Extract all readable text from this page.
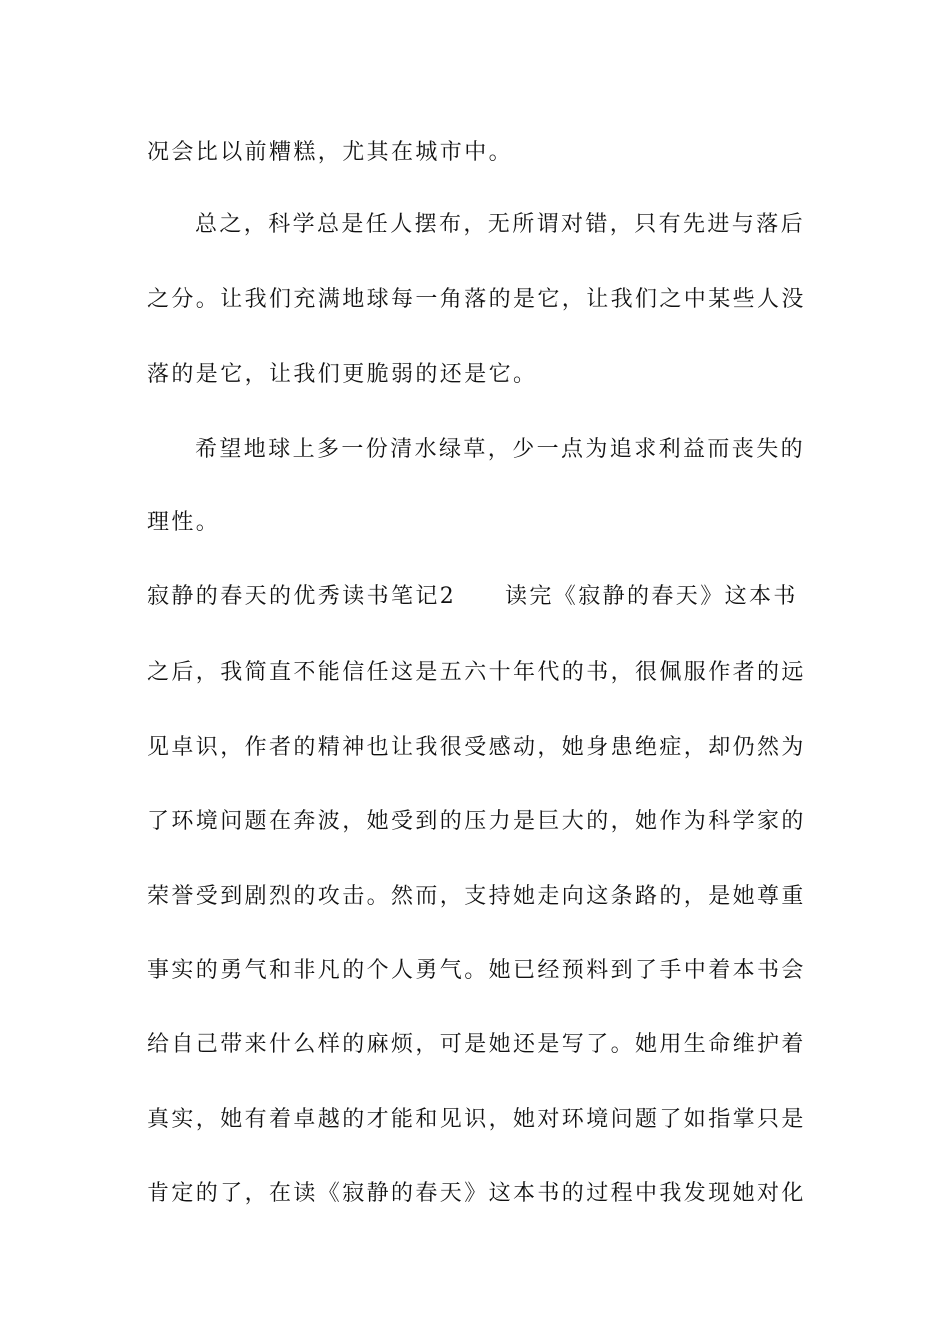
况会比以前糟糕，尤其在城市中。
总之，科学总是任人摆布，无所谓对错，只有先进与落后
之分。让我们充满地球每一角落的是它，让我们之中某些人没
落的是它，让我们更脆弱的还是它。
希望地球上多一份清水绿草，少一点为追求利益而丧失的
理性。
寂静的春天的优秀读书笔记2　　读完《寂静的春天》这本书
之后，我简直不能信任这是五六十年代的书，很佩服作者的远
见卓识，作者的精神也让我很受感动，她身患绝症，却仍然为
了环境问题在奔波，她受到的压力是巨大的，她作为科学家的
荣誉受到剧烈的攻击。然而，支持她走向这条路的，是她尊重
事实的勇气和非凡的个人勇气。她已经预料到了手中着本书会
给自己带来什么样的麻烦，可是她还是写了。她用生命维护着
真实，她有着卓越的才能和见识，她对环境问题了如指掌只是
肯定的了，在读《寂静的春天》这本书的过程中我发现她对化
